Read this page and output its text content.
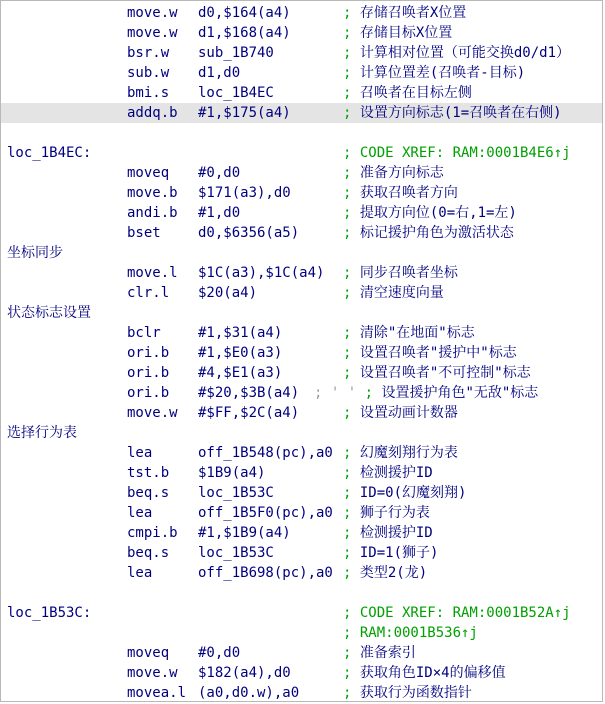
move.w d0,$164(a4)	; 存储召唤者X位置
move.w d1,$168(a4)	; 存储目标X位置
bsr.w sub_1B740	; 计算相对位置（可能交换d0/d1）
sub.w d1,d0	; 计算位置差(召唤者-目标)
bmi.s loc_1B4EC	; 召唤者在目标左侧
addq.b #1,$175(a4)	; 设置方向标志(1=召唤者在右侧)
loc_1B4EC:	; CODE XREF: RAM:0001B4E6↑j
moveq #0,d0	; 准备方向标志
move.b $171(a3),d0	; 获取召唤者方向
andi.b #1,d0	; 提取方向位(0=右,1=左)
bset	d0,$6356(a5)	; 标记援护角色为激活状态
坐标同步
move.l $1C(a3),$1C(a4) ; 同步召唤者坐标
clr.l $20(a4)	; 清空速度向量
状态标志设置
bclr	#1,$31(a4)	; 清除"在地面"标志
ori.b #1,$E0(a3)	; 设置召唤者"援护中"标志
ori.b #4,$E1(a3)	; 设置召唤者"不可控制"标志
ori.b #$20,$3B(a4) ; ' ' ; 设置援护角色"无敌"标志
move.w #$FF,$2C(a4)	; 设置动画计数器
选择行为表
lea	off_1B548(pc),a0 ; 幻魔刻翔行为表
tst.b $1B9(a4)	; 检测援护ID
beq.s loc_1B53C	; ID=0(幻魔刻翔)
lea	off_1B5F0(pc),a0 ; 狮子行为表
cmpi.b #1,$1B9(a4)	; 检测援护ID
beq.s loc_1B53C	; ID=1(狮子)
lea	off_1B698(pc),a0 ; 类型2(龙)
loc_1B53C:	; CODE XREF: RAM:0001B52A↑j
; RAM:0001B536↑j
moveq #0,d0	; 准备索引
move.w $182(a4),d0	; 获取角色ID×4的偏移值
movea.l (a0,d0.w),a0	; 获取行为函数指针
